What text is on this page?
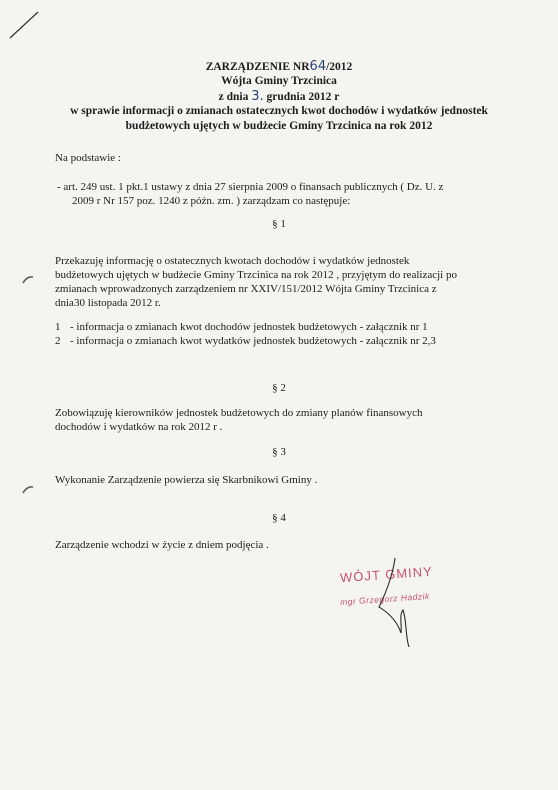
ZARZĄDZENIE NR64/2012
Wójta Gminy Trzcinica
z dnia 3. grudnia 2012 r
w sprawie informacji o zmianach ostatecznych kwot dochodów i wydatków jednostek
budżetowych ujętych w budżecie Gminy Trzcinica na rok 2012
Na podstawie :
- art. 249 ust. 1 pkt.1 ustawy z dnia 27 sierpnia 2009 o finansach publicznych ( Dz. U. z
2009 r Nr 157 poz. 1240 z późn. zm. ) zarządzam co następuje:
§ 1
Przekazuję informację o ostatecznych kwotach dochodów i wydatków jednostek
budżetowych ujętych w budżecie Gminy Trzcinica na rok 2012 , przyjętym do realizacji po
zmianach wprowadzonych zarządzeniem nr XXIV/151/2012 Wójta Gminy Trzcinica z
dnia30 listopada 2012 r.
1 - informacja o zmianach kwot dochodów jednostek budżetowych - załącznik nr 1
2 - informacja o zmianach kwot wydatków jednostek budżetowych - załącznik nr 2,3
§ 2
Zobowiązuję kierowników jednostek budżetowych do zmiany planów finansowych
dochodów i wydatków na rok 2012 r .
§ 3
Wykonanie Zarządzenie powierza się Skarbnikowi Gminy .
§ 4
Zarządzenie wchodzi w życie z dniem podjęcia .
WÓJT GMINY
mgr Grzegorz Hadzik
